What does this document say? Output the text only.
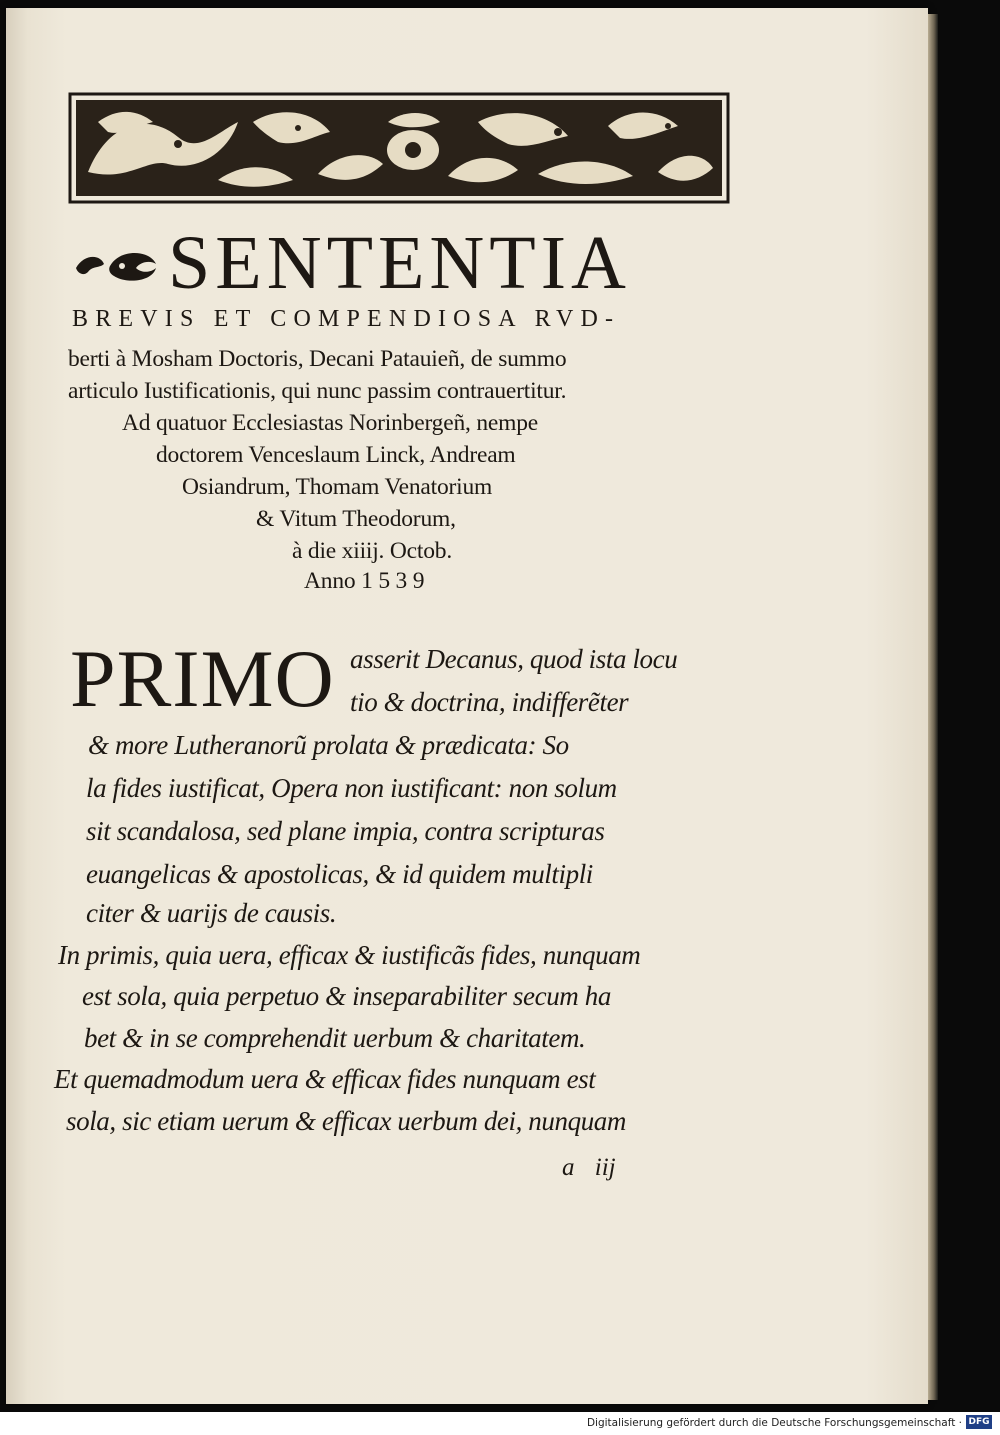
SENTENTIA
BREVIS ET COMPENDIOSA RVD-
berti à Mosham Doctoris, Decani Patauieñ, de summo
articulo Iustificationis, qui nunc passim contrauertitur.
Ad quatuor Ecclesiastas Norinbergeñ, nempe
doctorem Venceslaum Linck, Andream
Osiandrum, Thomam Venatorium
& Vitum Theodorum,
à die xiiij. Octob.
Anno 1 5 3 9
PRIMO asserit Decanus, quod ista locu
tio & doctrina, indifferẽter
& more Lutheranorũ prolata & prædicata: So
la fides iustificat, Opera non iustificant: non solum
sit scandalosa, sed plane impia, contra scripturas
euangelicas & apostolicas, & id quidem multipli
citer & uarijs de causis.
In primis, quia uera, efficax & iustificãs fides, nunquam
est sola, quia perpetuo & inseparabiliter secum ha
bet & in se comprehendit uerbum & charitatem.
Et quemadmodum uera & efficax fides nunquam est
sola, sic etiam uerum & efficax uerbum dei, nunquam
a iij
Digitalisierung gefördert durch die Deutsche Forschungsgemeinschaft · DFG
